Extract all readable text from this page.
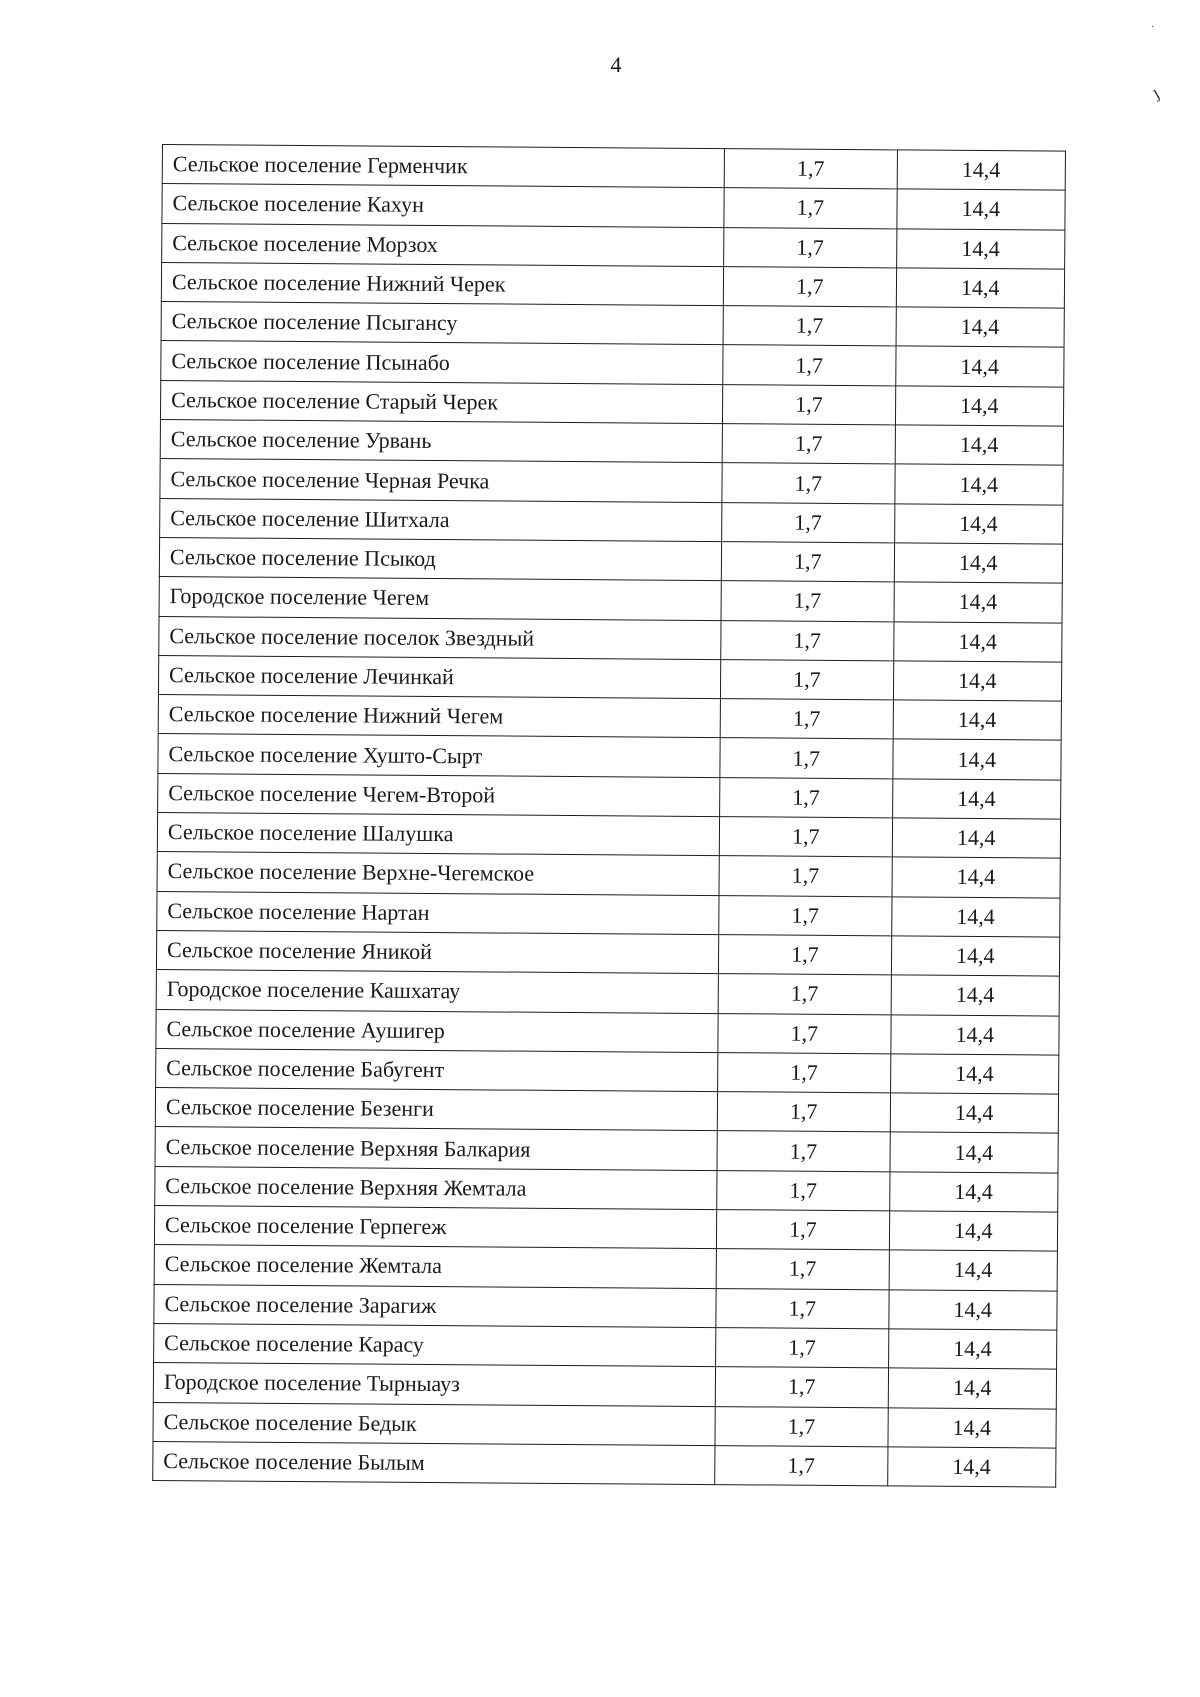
4
·
ȷ
Сельское поселение Герменчик	1,7	14,4
Сельское поселение Кахун	1,7	14,4
Сельское поселение Морзох	1,7	14,4
Сельское поселение Нижний Черек	1,7	14,4
Сельское поселение Псыгансу	1,7	14,4
Сельское поселение Псынабо	1,7	14,4
Сельское поселение Старый Черек	1,7	14,4
Сельское поселение Урвань	1,7	14,4
Сельское поселение Черная Речка	1,7	14,4
Сельское поселение Шитхала	1,7	14,4
Сельское поселение Псыкод	1,7	14,4
Городское поселение Чегем	1,7	14,4
Сельское поселение поселок Звездный	1,7	14,4
Сельское поселение Лечинкай	1,7	14,4
Сельское поселение Нижний Чегем	1,7	14,4
Сельское поселение Хушто-Сырт	1,7	14,4
Сельское поселение Чегем-Второй	1,7	14,4
Сельское поселение Шалушка	1,7	14,4
Сельское поселение Верхне-Чегемское	1,7	14,4
Сельское поселение Нартан	1,7	14,4
Сельское поселение Яникой	1,7	14,4
Городское поселение Кашхатау	1,7	14,4
Сельское поселение Аушигер	1,7	14,4
Сельское поселение Бабугент	1,7	14,4
Сельское поселение Безенги	1,7	14,4
Сельское поселение Верхняя Балкария	1,7	14,4
Сельское поселение Верхняя Жемтала	1,7	14,4
Сельское поселение Герпегеж	1,7	14,4
Сельское поселение Жемтала	1,7	14,4
Сельское поселение Зарагиж	1,7	14,4
Сельское поселение Карасу	1,7	14,4
Городское поселение Тырныауз	1,7	14,4
Сельское поселение Бедык	1,7	14,4
Сельское поселение Былым	1,7	14,4
